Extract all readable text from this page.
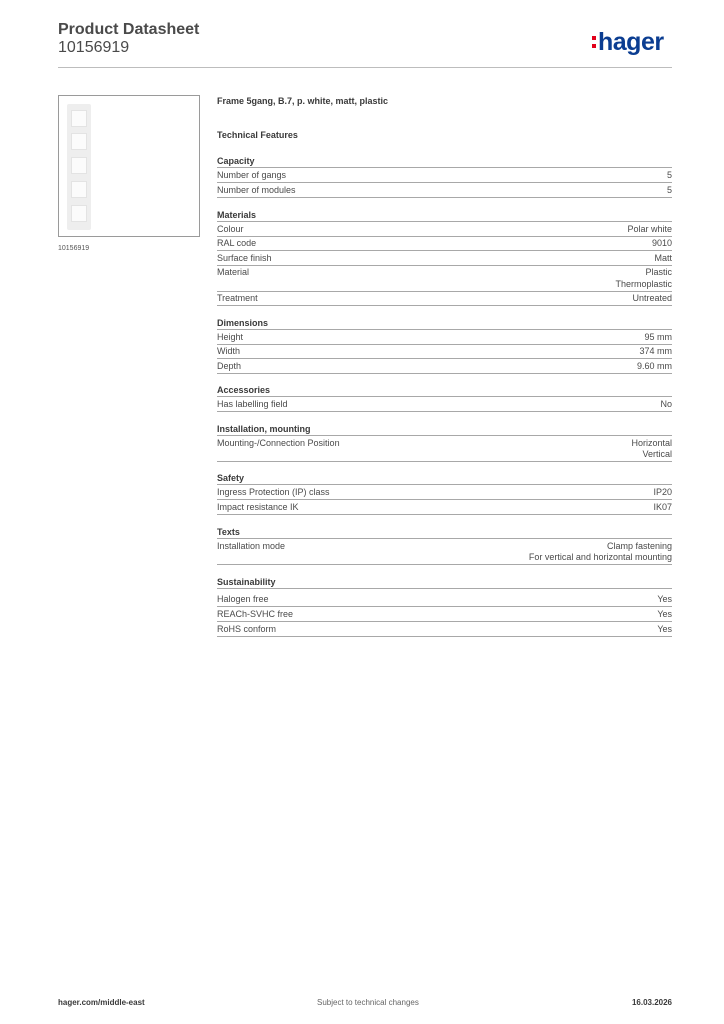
Product Datasheet
10156919	hager
10156919
Frame 5gang, B.7, p. white, matt, plastic
Technical Features
Capacity
Number of gangs	5
Number of modules	5
Materials
Colour	Polar white
RAL code	9010
Surface finish	Matt
Material	Plastic
Thermoplastic
Treatment	Untreated
Dimensions
Height	95 mm
Width	374 mm
Depth	9.60 mm
Accessories
Has labelling field	No
Installation, mounting
Mounting-/Connection Position	Horizontal
Vertical
Safety
Ingress Protection (IP) class	IP20
Impact resistance IK	IK07
Texts
Installation mode	Clamp fastening
For vertical and horizontal mounting
Sustainability
Halogen free	Yes
REACh-SVHC free	Yes
RoHS conform	Yes
hager.com/middle-east	Subject to technical changes	16.03.2026
